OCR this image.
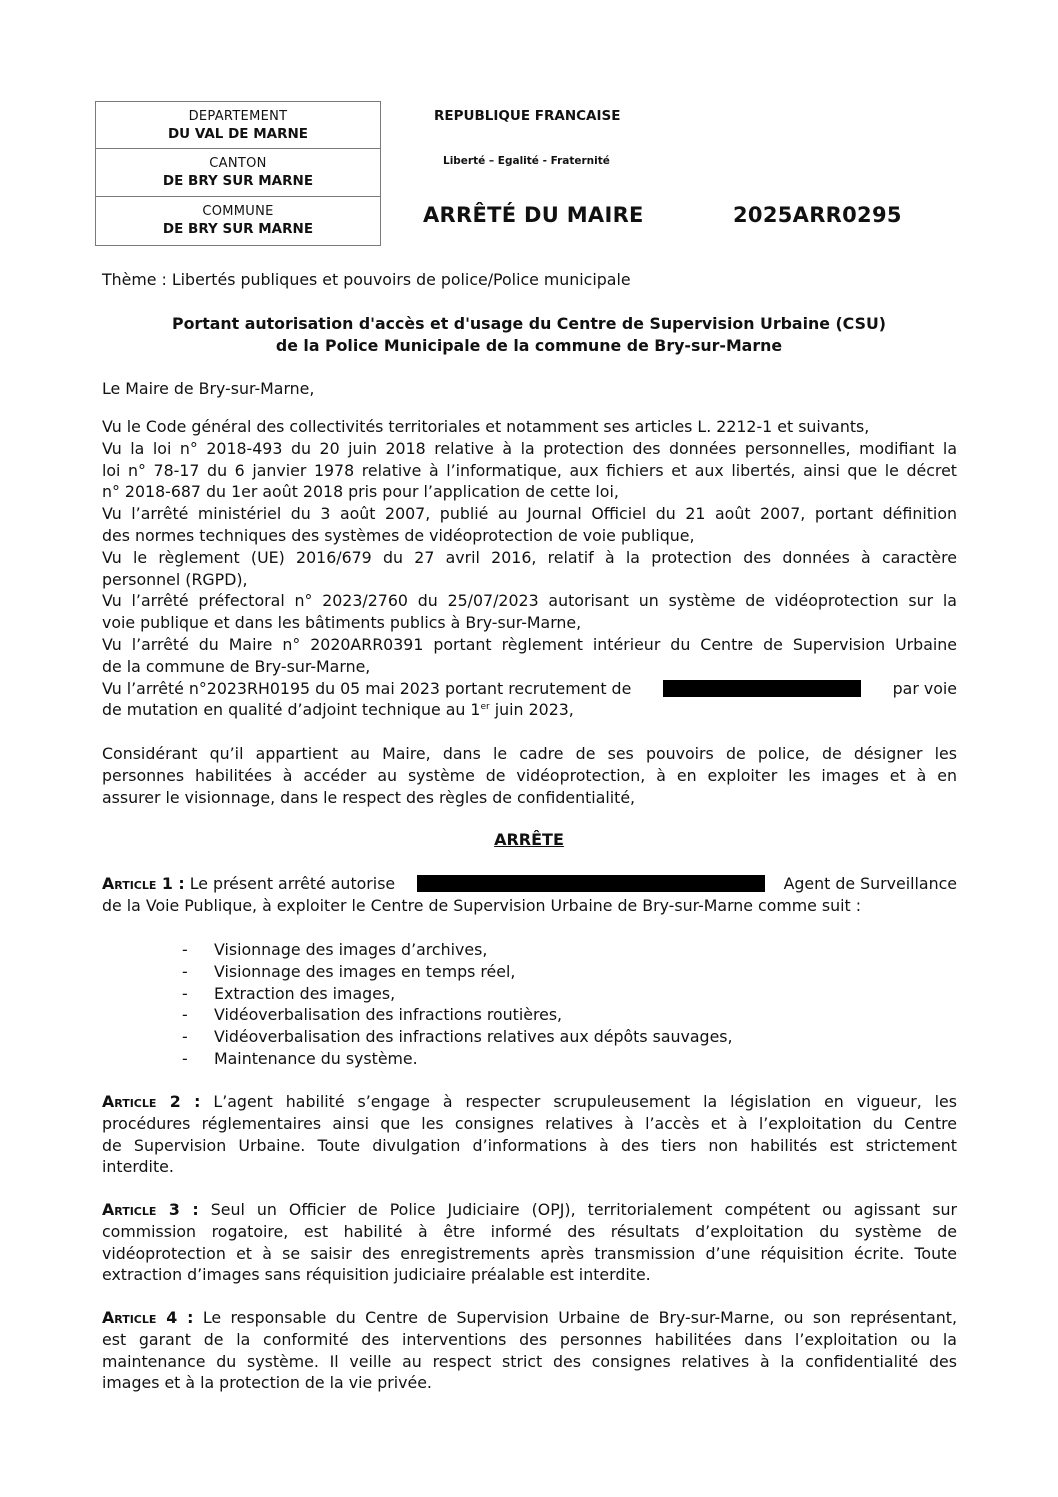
DEPARTEMENT
DU VAL DE MARNE
CANTON
DE BRY SUR MARNE
COMMUNE
DE BRY SUR MARNE
REPUBLIQUE FRANCAISE
Liberté – Egalité - Fraternité
ARRÊTÉ DU MAIRE	2025ARR0295
Thème : Libertés publiques et pouvoirs de police/Police municipale
Portant autorisation d'accès et d'usage du Centre de Supervision Urbaine (CSU)
de la Police Municipale de la commune de Bry-sur-Marne
Le Maire de Bry-sur-Marne,
Vu le Code général des collectivités territoriales et notamment ses articles L. 2212-1 et suivants,
Vu la loi n° 2018-493 du 20 juin 2018 relative à la protection des données personnelles, modifiant la
loi n° 78-17 du 6 janvier 1978 relative à l’informatique, aux fichiers et aux libertés, ainsi que le décret
n° 2018-687 du 1er août 2018 pris pour l’application de cette loi,
Vu l’arrêté ministériel du 3 août 2007, publié au Journal Officiel du 21 août 2007, portant définition
des normes techniques des systèmes de vidéoprotection de voie publique,
Vu le règlement (UE) 2016/679 du 27 avril 2016, relatif à la protection des données à caractère
personnel (RGPD),
Vu l’arrêté préfectoral n° 2023/2760 du 25/07/2023 autorisant un système de vidéoprotection sur la
voie publique et dans les bâtiments publics à Bry-sur-Marne,
Vu l’arrêté du Maire n° 2020ARR0391 portant règlement intérieur du Centre de Supervision Urbaine
de la commune de Bry-sur-Marne,
Vu l’arrêté n°2023RH0195 du 05 mai 2023 portant recrutement de	par voie
de mutation en qualité d’adjoint technique au 1er juin 2023,
Considérant qu’il appartient au Maire, dans le cadre de ses pouvoirs de police, de désigner les
personnes habilitées à accéder au système de vidéoprotection, à en exploiter les images et à en
assurer le visionnage, dans le respect des règles de confidentialité,
ARRÊTE
Article 1 : Le présent arrêté autorise	Agent de Surveillance
de la Voie Publique, à exploiter le Centre de Supervision Urbaine de Bry-sur-Marne comme suit :
-	Visionnage des images d’archives,
-	Visionnage des images en temps réel,
-	Extraction des images,
-	Vidéoverbalisation des infractions routières,
-	Vidéoverbalisation des infractions relatives aux dépôts sauvages,
-	Maintenance du système.
Article 2 : L’agent habilité s’engage à respecter scrupuleusement la législation en vigueur, les
procédures réglementaires ainsi que les consignes relatives à l’accès et à l’exploitation du Centre
de Supervision Urbaine. Toute divulgation d’informations à des tiers non habilités est strictement
interdite.
Article 3 : Seul un Officier de Police Judiciaire (OPJ), territorialement compétent ou agissant sur
commission rogatoire, est habilité à être informé des résultats d’exploitation du système de
vidéoprotection et à se saisir des enregistrements après transmission d’une réquisition écrite. Toute
extraction d’images sans réquisition judiciaire préalable est interdite.
Article 4 : Le responsable du Centre de Supervision Urbaine de Bry-sur-Marne, ou son représentant,
est garant de la conformité des interventions des personnes habilitées dans l’exploitation ou la
maintenance du système. Il veille au respect strict des consignes relatives à la confidentialité des
images et à la protection de la vie privée.
